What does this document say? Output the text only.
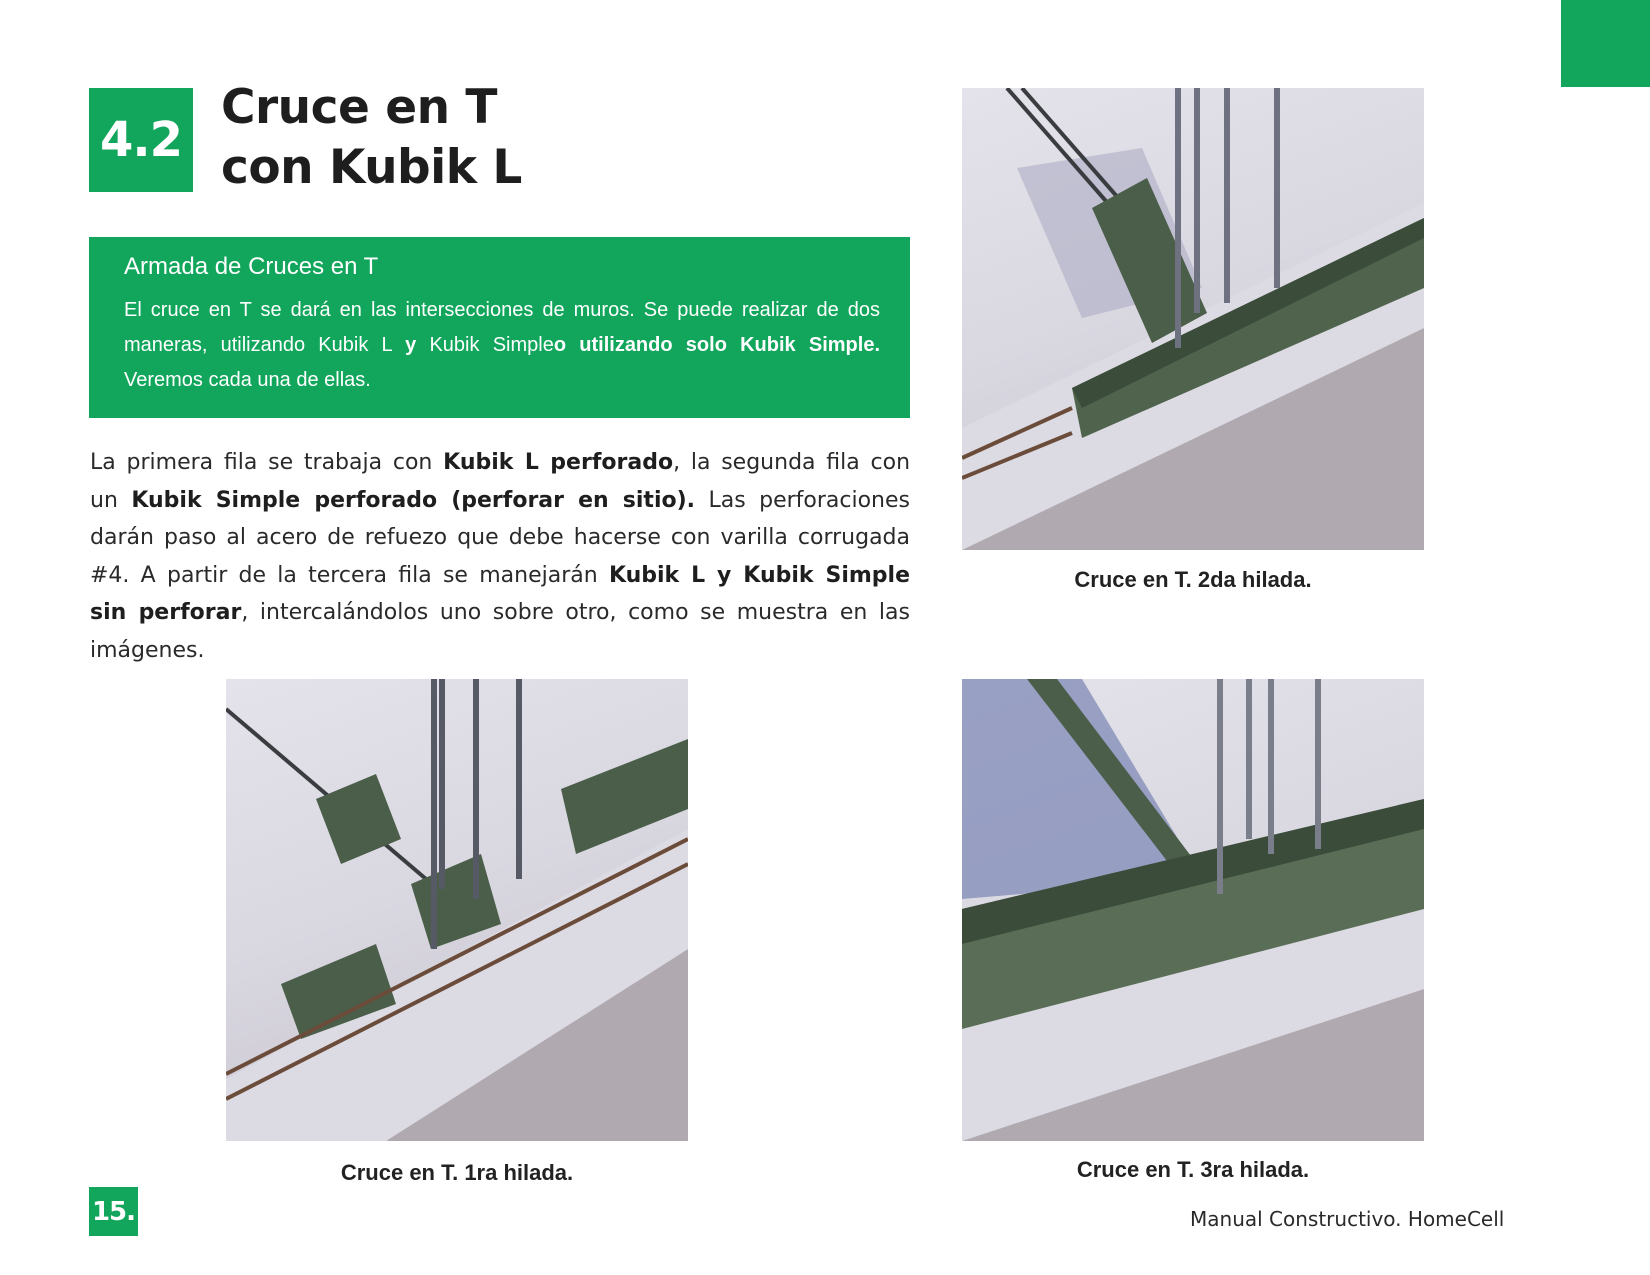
4.2
Cruce en T
con Kubik L
Armada de Cruces en T

El cruce en T se dará en las intersecciones de muros. Se puede realizar de dos maneras, utilizando Kubik L y Kubik Simpleo utilizando solo Kubik Simple. Veremos cada una de ellas.

La primera fila se trabaja con Kubik L perforado, la segunda fila con un Kubik Simple perforado (perforar en sitio). Las perforaciones darán paso al acero de refuezo que debe hacerse con varilla corrugada #4. A partir de la tercera fila se manejarán Kubik L y Kubik Simple sin perforar, intercalándolos uno sobre otro, como se muestra en las imágenes.

Cruce en T. 2da hilada.
Cruce en T. 1ra hilada.	Cruce en T. 3ra hilada.
15.	Manual Constructivo. HomeCell
